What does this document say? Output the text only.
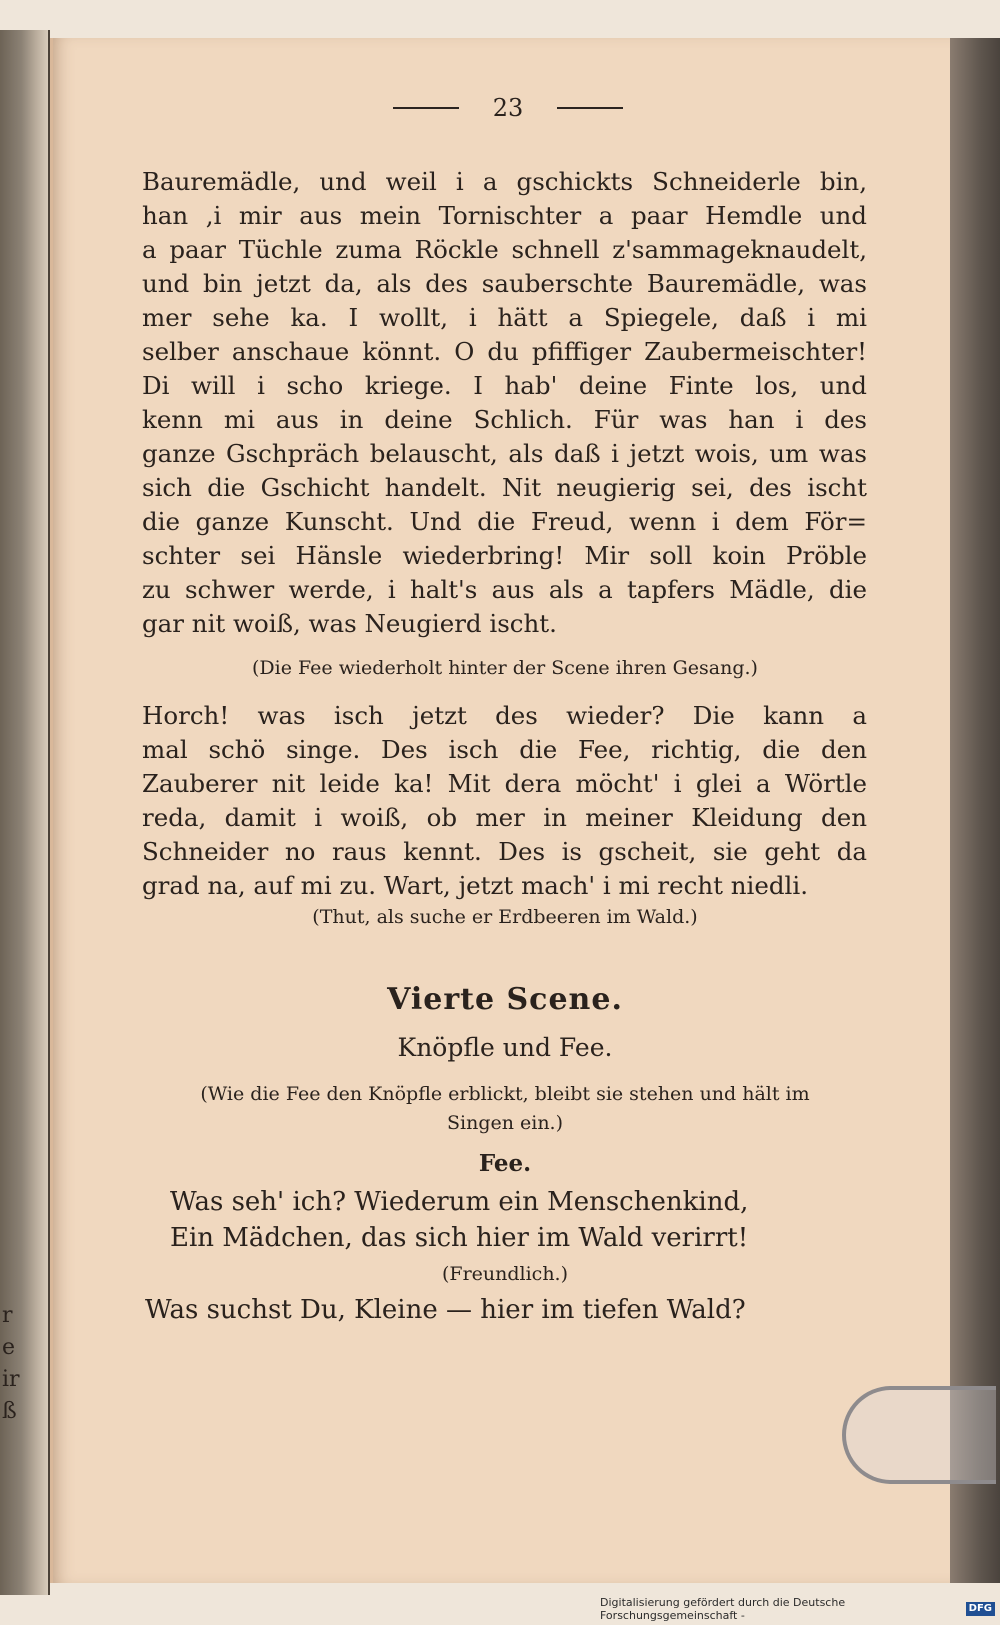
r
e
ir
ß
23
Bauremädle, und weil i a gschickts Schneiderle bin,
han ,i mir aus mein Tornischter a paar Hemdle und
a paar Tüchle zuma Röckle schnell z'sammageknaudelt,
und bin jetzt da, als des sauberschte Bauremädle, was
mer sehe ka. I wollt, i hätt a Spiegele, daß i mi
selber anschaue könnt. O du pfiffiger Zaubermeischter!
Di will i scho kriege. I hab' deine Finte los, und
kenn mi aus in deine Schlich. Für was han i des
ganze Gschpräch belauscht, als daß i jetzt wois, um was
sich die Gschicht handelt. Nit neugierig sei, des ischt
die ganze Kunscht. Und die Freud, wenn i dem För=
schter sei Hänsle wiederbring! Mir soll koin Pröble
zu schwer werde, i halt's aus als a tapfers Mädle, die
gar nit woiß, was Neugierd ischt.
(Die Fee wiederholt hinter der Scene ihren Gesang.)
Horch! was isch jetzt des wieder? Die kann a
mal schö singe. Des isch die Fee, richtig, die den
Zauberer nit leide ka! Mit dera möcht' i glei a Wörtle
reda, damit i woiß, ob mer in meiner Kleidung den
Schneider no raus kennt. Des is gscheit, sie geht da
grad na, auf mi zu. Wart, jetzt mach' i mi recht niedli.
(Thut, als suche er Erdbeeren im Wald.)
Vierte Scene.
Knöpfle und Fee.
(Wie die Fee den Knöpfle erblickt, bleibt sie stehen und hält im
Singen ein.)
Fee.
Was seh' ich? Wiederum ein Menschenkind,
Ein Mädchen, das sich hier im Wald verirrt!
(Freundlich.)
Was suchst Du, Kleine — hier im tiefen Wald?
Digitalisierung gefördert durch die Deutsche Forschungsgemeinschaft -
DFG
